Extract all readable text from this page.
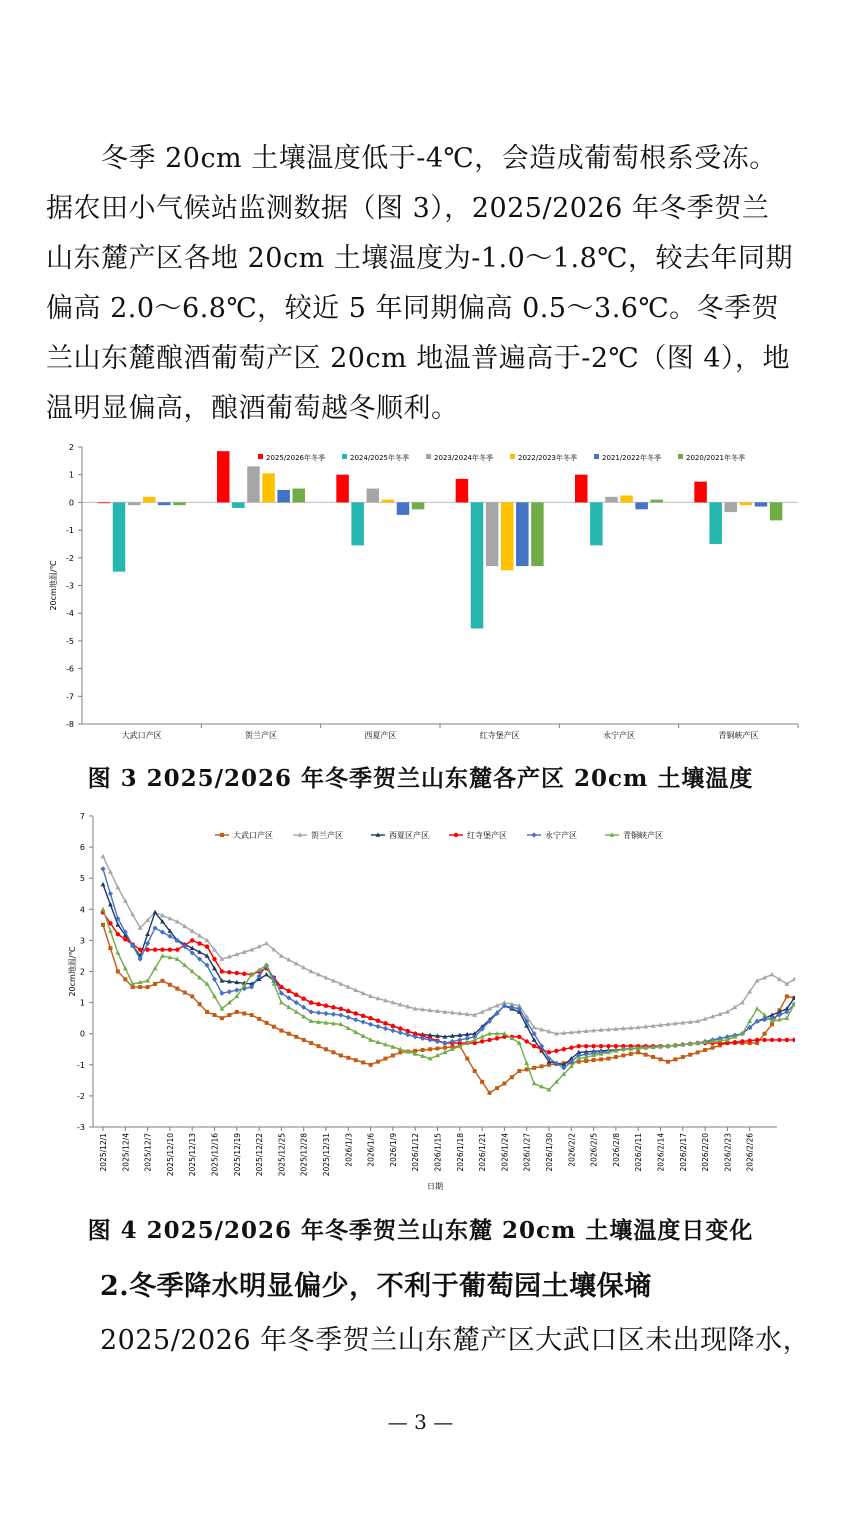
　　冬季 20cm 土壤温度低于-4℃，会造成葡萄根系受冻。

据农田小气候站监测数据（图 3），2025/2026 年冬季贺兰

山东麓产区各地 20cm 土壤温度为-1.0～1.8℃，较去年同期

偏高 2.0～6.8℃，较近 5 年同期偏高 0.5～3.6℃。冬季贺

兰山东麓酿酒葡萄产区 20cm 地温普遍高于-2℃（图 4），地

温明显偏高，酿酒葡萄越冬顺利。

2
1
0
-1
-2
-3
-4
-5
-6
-7
-8
20cm地温/℃
大武口产区	贺兰产区	西夏产区	红寺堡产区	永宁产区	青铜峡产区
2025/2026年冬季	2024/2025年冬季	2023/2024年冬季	2022/2023年冬季	2021/2022年冬季	2020/2021年冬季
图 3 2025/2026 年冬季贺兰山东麓各产区 20cm 土壤温度
7
6
5
4
3
2
1
0
-1
-2
-3
20cm地温/℃
2025/12/1 2025/12/4 2025/12/7 2025/12/10 2025/12/13 2025/12/16 2025/12/19 2025/12/22 2025/12/25 2025/12/28 2025/12/31 2026/1/3 2026/1/6 2026/1/9 2026/1/12 2026/1/15 2026/1/18 2026/1/21 2026/1/24 2026/1/27 2026/1/30 2026/2/2 2026/2/5 2026/2/8 2026/2/11 2026/2/14 2026/2/17 2026/2/20 2026/2/23 2026/2/26
日期
大武口产区	贺兰产区	西夏区产区	红寺堡产区	永宁产区	青铜峡产区
图 4 2025/2026 年冬季贺兰山东麓 20cm 土壤温度日变化
2.冬季降水明显偏少，不利于葡萄园土壤保墒
2025/2026 年冬季贺兰山东麓产区大武口区未出现降水，
— 3 —
